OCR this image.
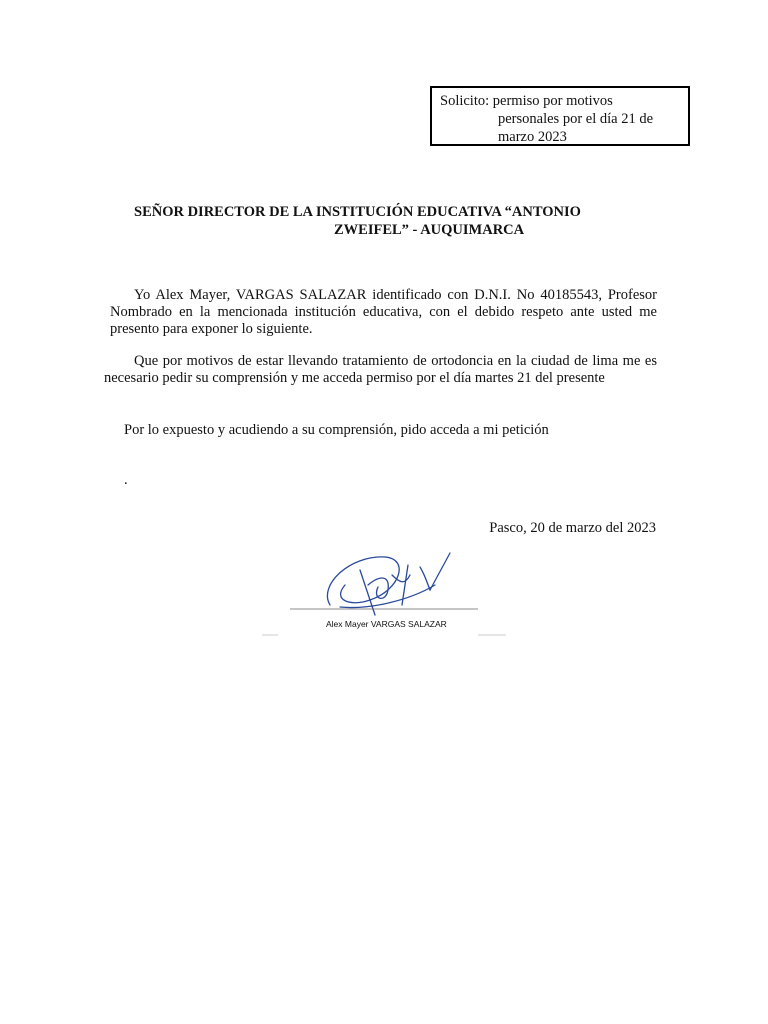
Solicito: permiso por motivos
personales por el día 21 de
marzo 2023
SEÑOR DIRECTOR DE LA INSTITUCIÓN EDUCATIVA “ANTONIO
ZWEIFEL” - AUQUIMARCA
Yo Alex Mayer, VARGAS SALAZAR identificado con D.N.I. No 40185543, Profesor Nombrado en la mencionada institución educativa, con el debido respeto ante usted me presento para exponer lo siguiente.
Que por motivos de estar llevando tratamiento de ortodoncia en la ciudad de lima me es necesario pedir su comprensión y me acceda permiso por el día martes 21 del presente
Por lo expuesto y acudiendo a su comprensión, pido acceda a mi petición
.
Pasco, 20 de marzo del 2023
Alex Mayer VARGAS SALAZAR
